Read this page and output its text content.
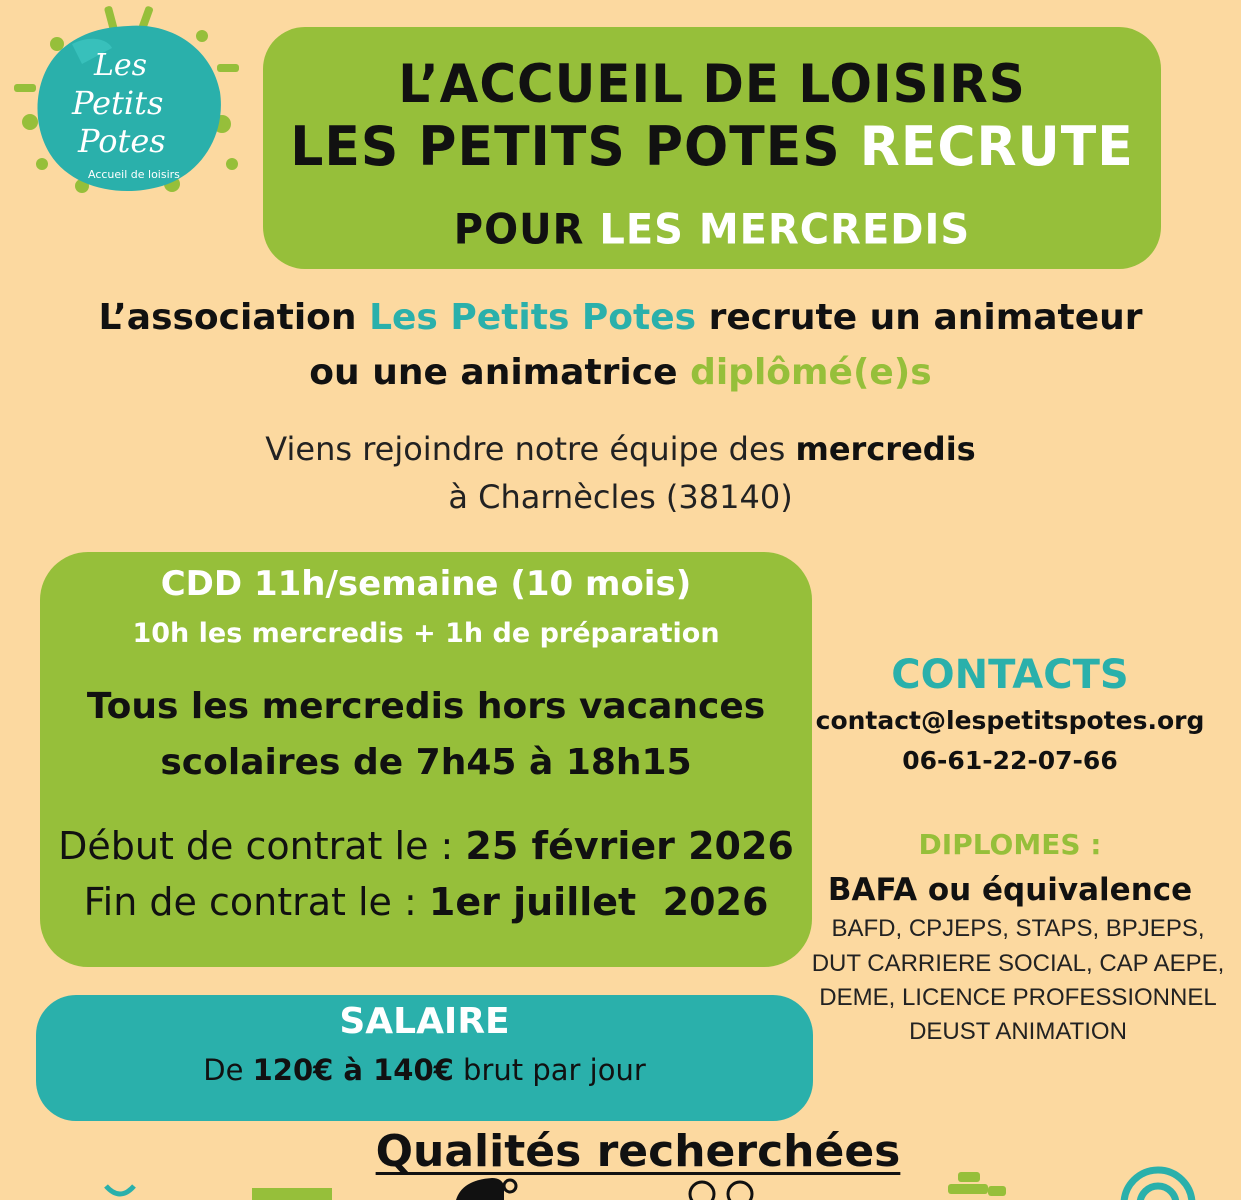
Les
Petits
Potes
Accueil de loisirs
L’ACCUEIL DE LOISIRS
LES PETITS POTES RECRUTE
POUR LES MERCREDIS
L’association Les Petits Potes recrute un animateur
ou une animatrice diplômé(e)s
Viens rejoindre notre équipe des mercredis
à Charnècles (38140)
CDD 11h/semaine (10 mois)
10h les mercredis + 1h de préparation
Tous les mercredis hors vacances
scolaires de 7h45 à 18h15
Début de contrat le : 25 février 2026
Fin de contrat le : 1er juillet  2026
SALAIRE
De 120€ à 140€ brut par jour
CONTACTS
contact@lespetitspotes.org
06-61-22-07-66
DIPLOMES :
BAFA ou équivalence
BAFD, CPJEPS, STAPS, BPJEPS,
DUT CARRIERE SOCIAL, CAP AEPE,
DEME, LICENCE PROFESSIONNEL
DEUST ANIMATION
Qualités recherchées
